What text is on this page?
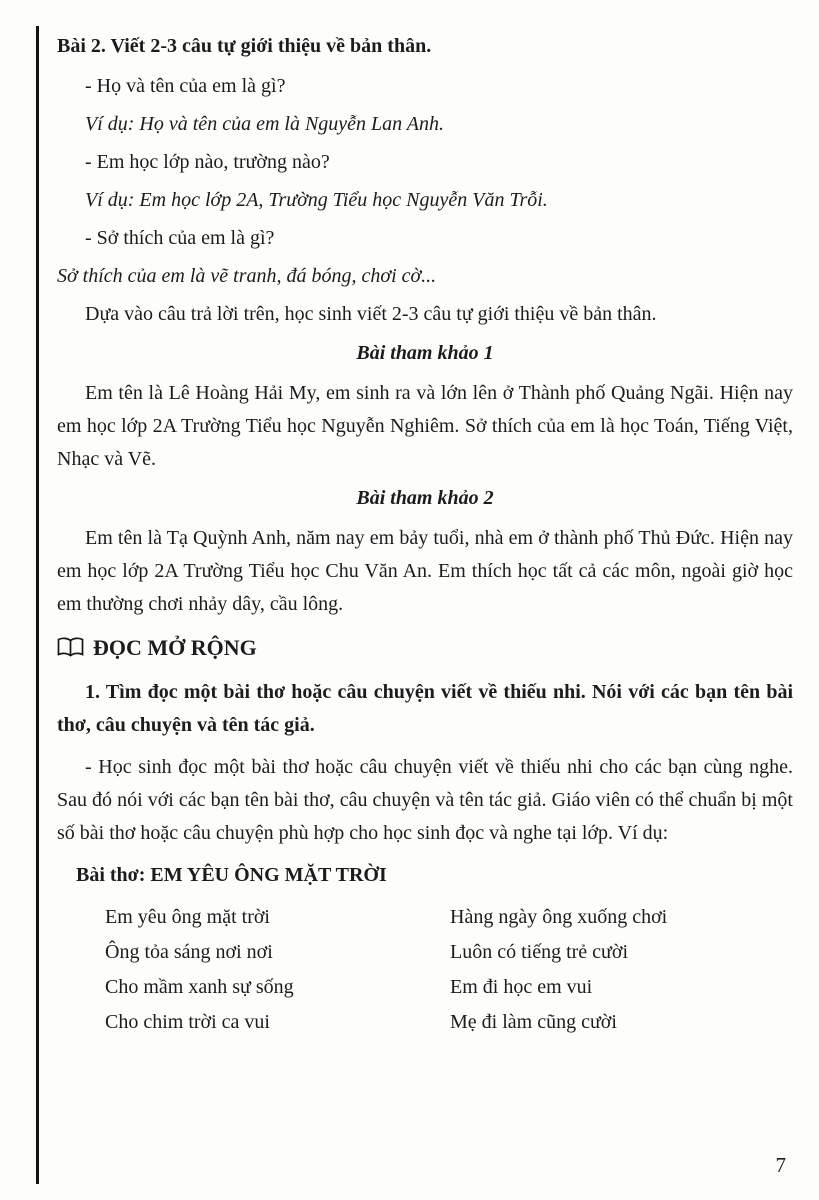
Bài 2. Viết 2-3 câu tự giới thiệu về bản thân.

- Họ và tên của em là gì?

Ví dụ: Họ và tên của em là Nguyễn Lan Anh.

- Em học lớp nào, trường nào?

Ví dụ: Em học lớp 2A, Trường Tiểu học Nguyễn Văn Trỗi.

- Sở thích của em là gì?

Sở thích của em là vẽ tranh, đá bóng, chơi cờ...

Dựa vào câu trả lời trên, học sinh viết 2-3 câu tự giới thiệu về bản thân.

Bài tham khảo 1

Em tên là Lê Hoàng Hải My, em sinh ra và lớn lên ở Thành phố Quảng Ngãi. Hiện nay em học lớp 2A Trường Tiểu học Nguyễn Nghiêm. Sở thích của em là học Toán, Tiếng Việt, Nhạc và Vẽ.

Bài tham khảo 2

Em tên là Tạ Quỳnh Anh, năm nay em bảy tuổi, nhà em ở thành phố Thủ Đức. Hiện nay em học lớp 2A Trường Tiểu học Chu Văn An. Em thích học tất cả các môn, ngoài giờ học em thường chơi nhảy dây, cầu lông.

ĐỌC MỞ RỘNG

1. Tìm đọc một bài thơ hoặc câu chuyện viết về thiếu nhi. Nói với các bạn tên bài thơ, câu chuyện và tên tác giả.

- Học sinh đọc một bài thơ hoặc câu chuyện viết về thiếu nhi cho các bạn cùng nghe. Sau đó nói với các bạn tên bài thơ, câu chuyện và tên tác giả. Giáo viên có thể chuẩn bị một số bài thơ hoặc câu chuyện phù hợp cho học sinh đọc và nghe tại lớp. Ví dụ:

Bài thơ: EM YÊU ÔNG MẶT TRỜI

Em yêu ông mặt trời

Ông tỏa sáng nơi nơi

Cho mầm xanh sự sống

Cho chim trời ca vui

Hàng ngày ông xuống chơi

Luôn có tiếng trẻ cười

Em đi học em vui

Mẹ đi làm cũng cười

7
